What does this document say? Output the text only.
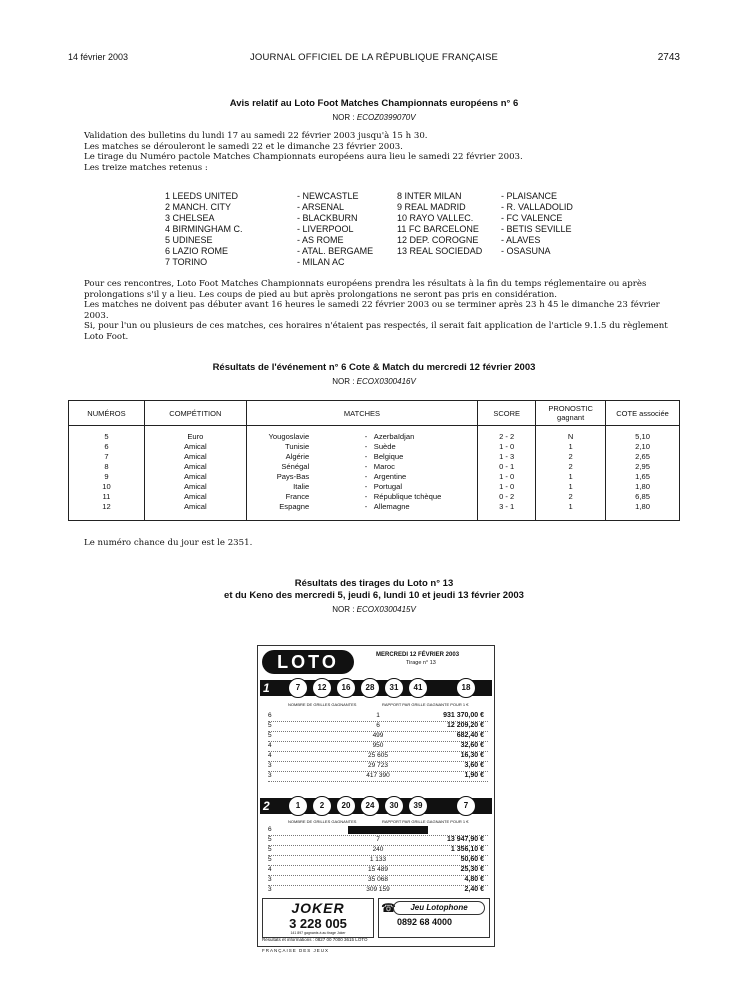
14 février 2003	JOURNAL OFFICIEL DE LA RÉPUBLIQUE FRANÇAISE	2743
Avis relatif au Loto Foot Matches Championnats européens n° 6
NOR : ECOZ0399070V
Validation des bulletins du lundi 17 au samedi 22 février 2003 jusqu'à 15 h 30.
Les matches se dérouleront le samedi 22 et le dimanche 23 février 2003.
Le tirage du Numéro pactole Matches Championnats européens aura lieu le samedi 22 février 2003.
Les treize matches retenus :
1 LEEDS UNITED	- NEWCASTLE	8 INTER MILAN	- PLAISANCE
2 MANCH. CITY	- ARSENAL	9 REAL MADRID	- R. VALLADOLID
3 CHELSEA	- BLACKBURN	10 RAYO VALLEC.	- FC VALENCE
4 BIRMINGHAM C.	- LIVERPOOL	11 FC BARCELONE - BETIS SEVILLE
5 UDINESE	- AS ROME	12 DEP. COROGNE	- ALAVES
6 LAZIO ROME	- ATAL. BERGAME	13 REAL SOCIEDAD - OSASUNA
7 TORINO	- MILAN AC
Pour ces rencontres, Loto Foot Matches Championnats européens prendra les résultats à la fin du temps réglementaire ou après prolongations s'il y a lieu. Les coups de pied au but après prolongations ne seront pas pris en considération.
Les matches ne doivent pas débuter avant 16 heures le samedi 22 février 2003 ou se terminer après 23 h 45 le dimanche 23 février 2003.
Si, pour l'un ou plusieurs de ces matches, ces horaires n'étaient pas respectés, il serait fait application de l'article 9.1.5 du règlement Loto Foot.
Résultats de l'événement n° 6 Cote & Match du mercredi 12 février 2003
NOR : ECOX0300416V
NUMÉROS	COMPÉTITION	MATCHES	SCORE	PRONOSTIC gagnant	COTE associée
5	Euro	Yougoslavie - Azerbaïdjan	2 - 2	N	5,10
6	Amical	Tunisie - Suède	1 - 0	1	2,10
7	Amical	Algérie - Belgique	1 - 3	2	2,65
8	Amical	Sénégal - Maroc	0 - 1	2	2,95
9	Amical	Pays-Bas - Argentine	1 - 0	1	1,65
10	Amical	Italie - Portugal	1 - 0	1	1,80
11	Amical	France - République tchèque	0 - 2	2	6,85
12	Amical	Espagne - Allemagne	3 - 1	1	1,80
Le numéro chance du jour est le 2351.
Résultats des tirages du Loto n° 13
et du Keno des mercredi 5, jeudi 6, lundi 10 et jeudi 13 février 2003
NOR : ECOX0300415V
LOTO	MERCREDI 12 FÉVRIER 2003
Tirage n° 13
1	7	12	16	28	31	41	18
NOMBRE DE GRILLES GAGNANTES	RAPPORT PAR GRILLE GAGNANTE POUR 1 €
6	1	931 370,00 €
5	6	12 209,20 €
5	499	682,40 €
4	950	32,60 €
4	25 605	16,30 €
3	29 723	3,60 €
3	417 390	1,90 €
2	1	2	20	24	30	39	7
NOMBRE DE GRILLES GAGNANTES	RAPPORT PAR GRILLE GAGNANTE POUR 1 €
6
5	7	13 947,90 €
5	240	1 356,10 €
5	1 133	50,60 €
4	15 489	25,30 €
3	35 068	4,80 €
3	309 159	2,40 €
JOKER
3 228 005
141 897 gagnants à au tirage Joker
☎	Jeu Lotophone
0892 68 4000
Résultats et informations : 0827 00 7000 3615 LOTO
FRANÇAISE DES JEUX
